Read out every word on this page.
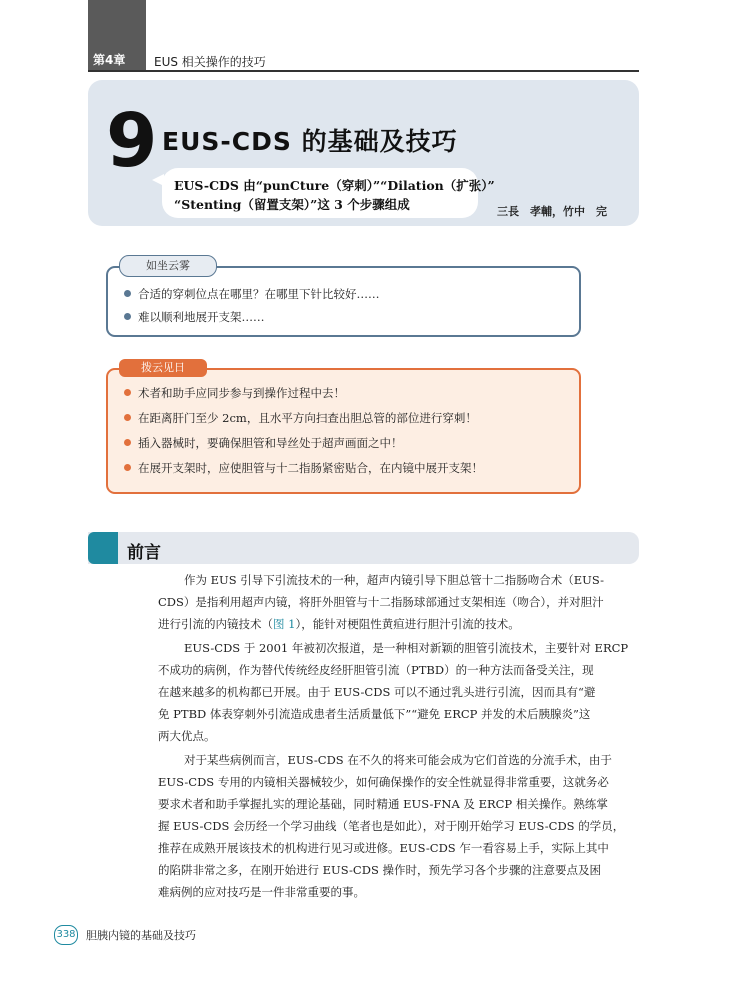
第4章 EUS 相关操作的技巧
9 EUS-CDS 的基础及技巧
EUS-CDS 由“punCture（穿刺）”“Dilation（扩张）”
“Stenting（留置支架）”这 3 个步骤组成	三長　孝輔，竹中　完
如坐云雾
合适的穿刺位点在哪里？在哪里下针比较好……
难以顺利地展开支架……
拨云见日
术者和助手应同步参与到操作过程中去！
在距离肝门至少 2cm，且水平方向扫查出胆总管的部位进行穿刺！
插入器械时，要确保胆管和导丝处于超声画面之中！
在展开支架时，应使胆管与十二指肠紧密贴合，在内镜中展开支架！
前言
作为 EUS 引导下引流技术的一种，超声内镜引导下胆总管十二指肠吻合术（EUS-
CDS）是指利用超声内镜，将肝外胆管与十二指肠球部通过支架相连（吻合），并对胆汁
进行引流的内镜技术（图 1），能针对梗阻性黄疸进行胆汁引流的技术。
EUS-CDS 于 2001 年被初次报道，是一种相对新颖的胆管引流技术，主要针对 ERCP
不成功的病例，作为替代传统经皮经肝胆管引流（PTBD）的一种方法而备受关注，现
在越来越多的机构都已开展。由于 EUS-CDS 可以不通过乳头进行引流，因而具有“避
免 PTBD 体表穿刺外引流造成患者生活质量低下”“避免 ERCP 并发的术后胰腺炎”这
两大优点。
对于某些病例而言，EUS-CDS 在不久的将来可能会成为它们首选的分流手术，由于
EUS-CDS 专用的内镜相关器械较少，如何确保操作的安全性就显得非常重要，这就务必
要求术者和助手掌握扎实的理论基础，同时精通 EUS-FNA 及 ERCP 相关操作。熟练掌
握 EUS-CDS 会历经一个学习曲线（笔者也是如此），对于刚开始学习 EUS-CDS 的学员，
推荐在成熟开展该技术的机构进行见习或进修。EUS-CDS 乍一看容易上手，实际上其中
的陷阱非常之多，在刚开始进行 EUS-CDS 操作时，预先学习各个步骤的注意要点及困
难病例的应对技巧是一件非常重要的事。
338 胆胰内镜的基础及技巧
